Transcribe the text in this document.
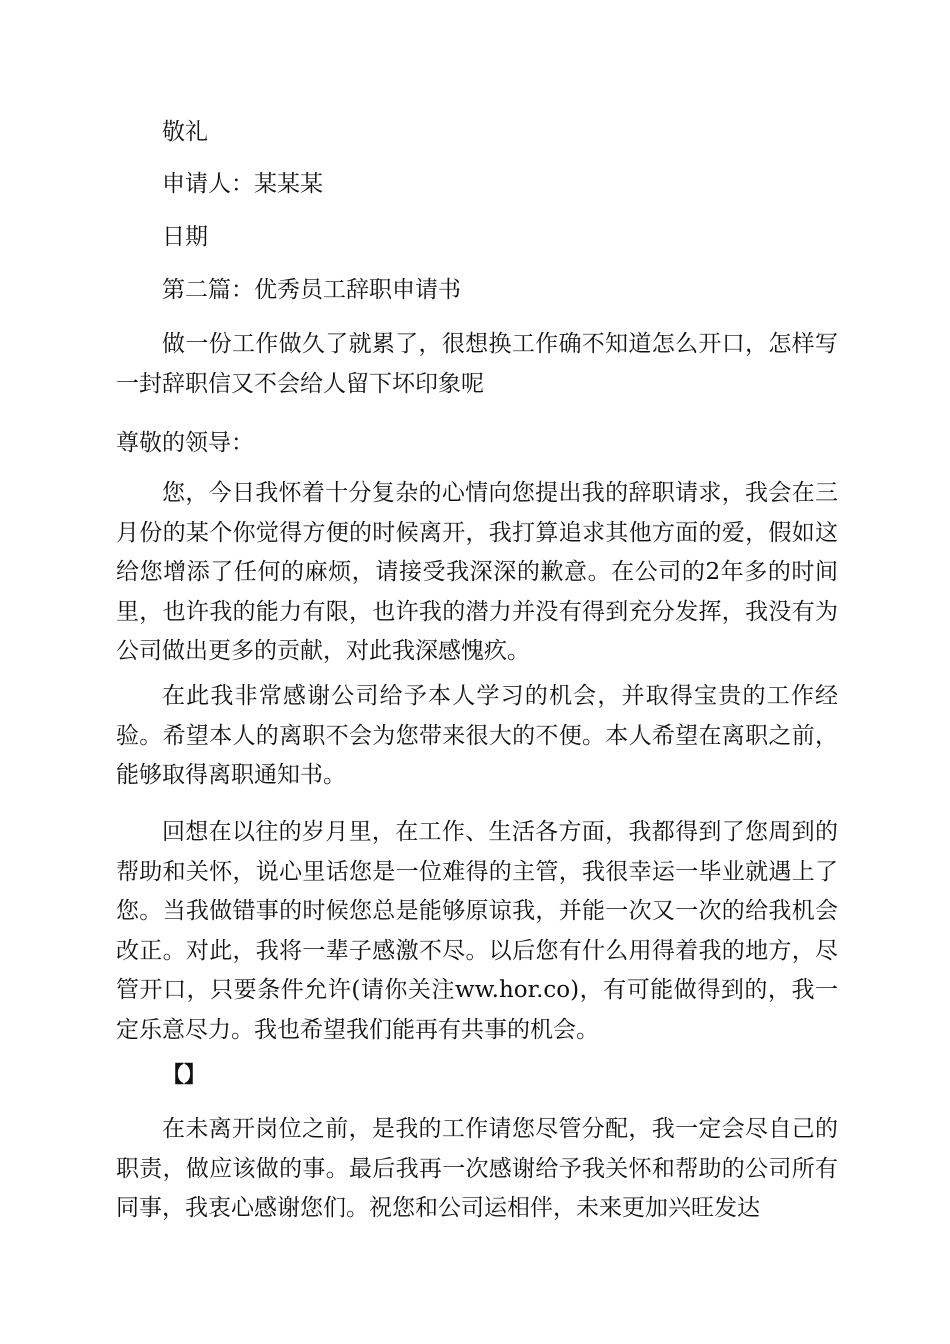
敬礼

申请人：某某某

日期

第二篇：优秀员工辞职申请书

做一份工作做久了就累了，很想换工作确不知道怎么开口，怎样写一封辞职信又不会给人留下坏印象呢

尊敬的领导：

您，今日我怀着十分复杂的心情向您提出我的辞职请求，我会在三月份的某个你觉得方便的时候离开，我打算追求其他方面的爱，假如这给您增添了任何的麻烦，请接受我深深的歉意。在公司的2年多的时间里，也许我的能力有限，也许我的潜力并没有得到充分发挥，我没有为公司做出更多的贡献，对此我深感愧疚。

在此我非常感谢公司给予本人学习的机会，并取得宝贵的工作经验。希望本人的离职不会为您带来很大的不便。本人希望在离职之前，能够取得离职通知书。

回想在以往的岁月里，在工作、生活各方面，我都得到了您周到的帮助和关怀，说心里话您是一位难得的主管，我很幸运一毕业就遇上了您。当我做错事的时候您总是能够原谅我，并能一次又一次的给我机会改正。对此，我将一辈子感激不尽。以后您有什么用得着我的地方，尽管开口，只要条件允许(请你关注ww.hor.co)，有可能做得到的，我一定乐意尽力。我也希望我们能再有共事的机会。

【】

在未离开岗位之前，是我的工作请您尽管分配，我一定会尽自己的职责，做应该做的事。最后我再一次感谢给予我关怀和帮助的公司所有同事，我衷心感谢您们。祝您和公司运相伴，未来更加兴旺发达
